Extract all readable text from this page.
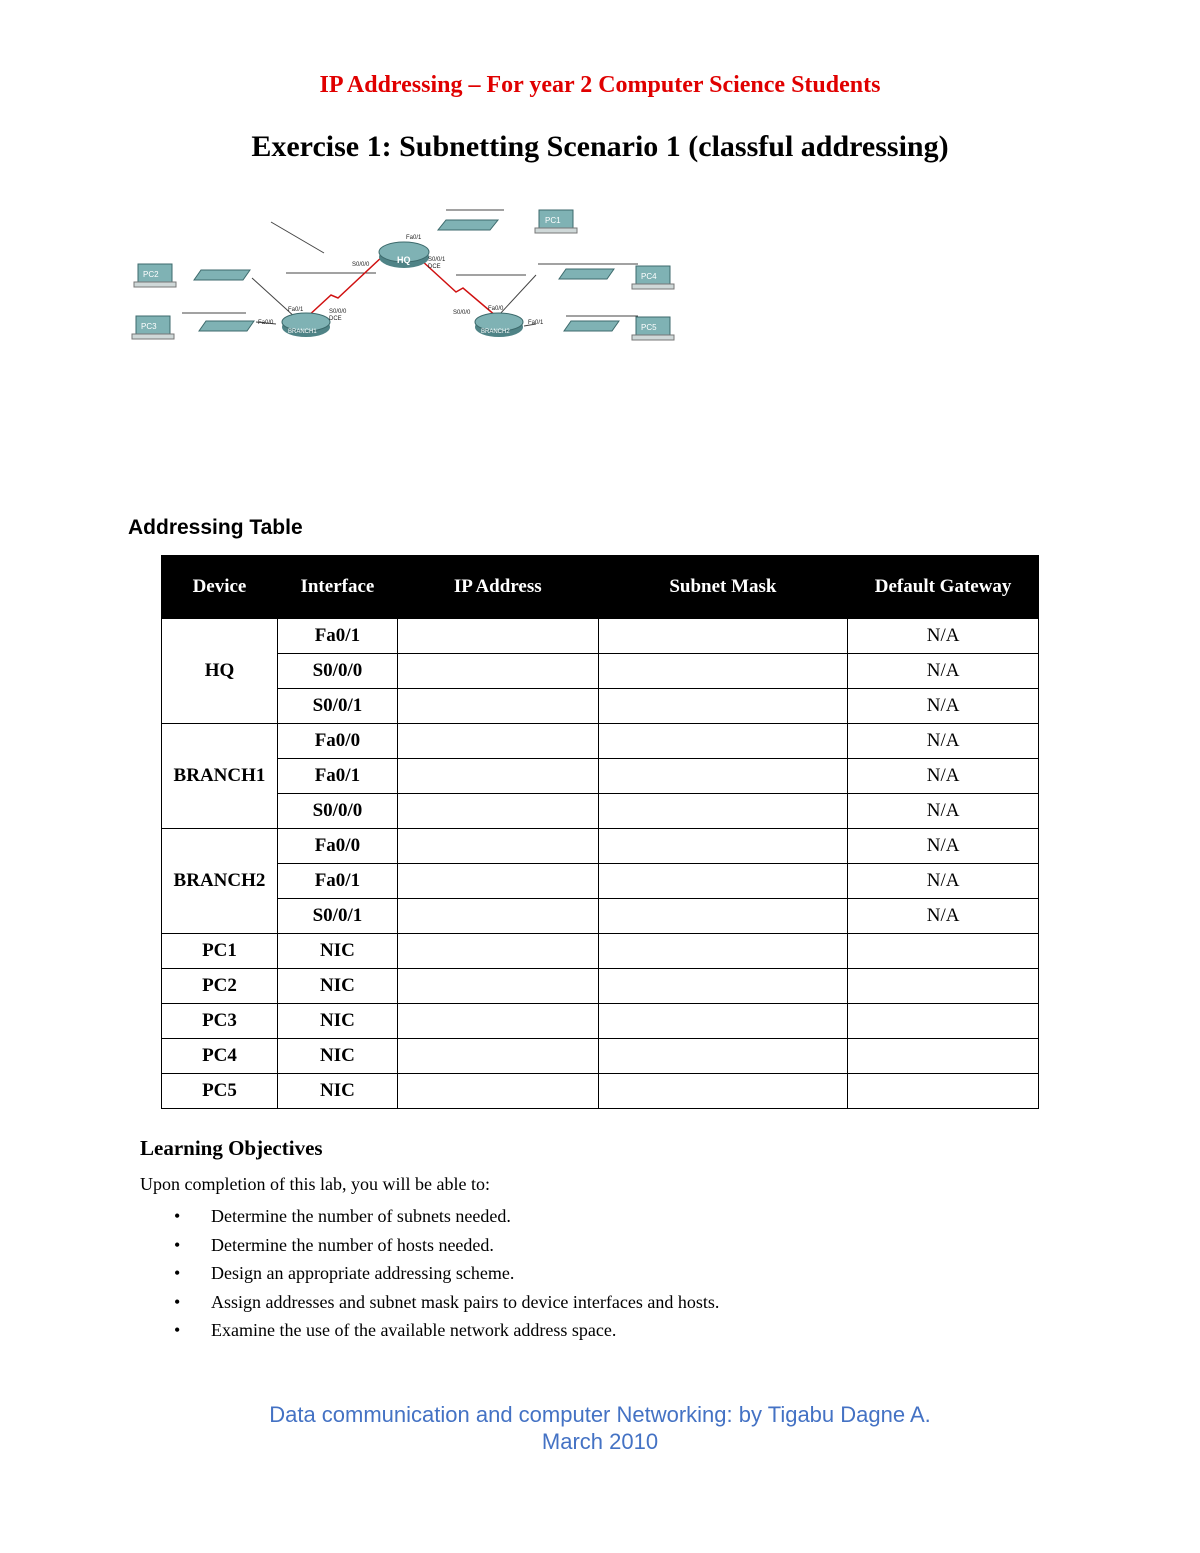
IP Addressing – For year 2 Computer Science Students
Exercise 1: Subnetting Scenario 1 (classful addressing)
HQ
BRANCH1	BRANCH2
PC1
PC2
PC3
PC4
PC5
Fa0/1
S0/0/0
S0/0/1
DCE
Fa0/1
Fa0/0
S0/0/0
DCE
Fa0/0
S0/0/0
Fa0/1
Addressing Table
Device	Interface	IP Address	Subnet Mask	Default Gateway
HQ	Fa0/1			N/A
	S0/0/0			N/A
	S0/0/1			N/A
BRANCH1	Fa0/0			N/A
	Fa0/1			N/A
	S0/0/0			N/A
BRANCH2	Fa0/0			N/A
	Fa0/1			N/A
	S0/0/1			N/A
PC1	NIC			
PC2	NIC			
PC3	NIC			
PC4	NIC			
PC5	NIC			
Learning Objectives
Upon completion of this lab, you will be able to:
• Determine the number of subnets needed.
• Determine the number of hosts needed.
• Design an appropriate addressing scheme.
• Assign addresses and subnet mask pairs to device interfaces and hosts.
• Examine the use of the available network address space.
Data communication and computer Networking: by Tigabu Dagne A.
March 2010
